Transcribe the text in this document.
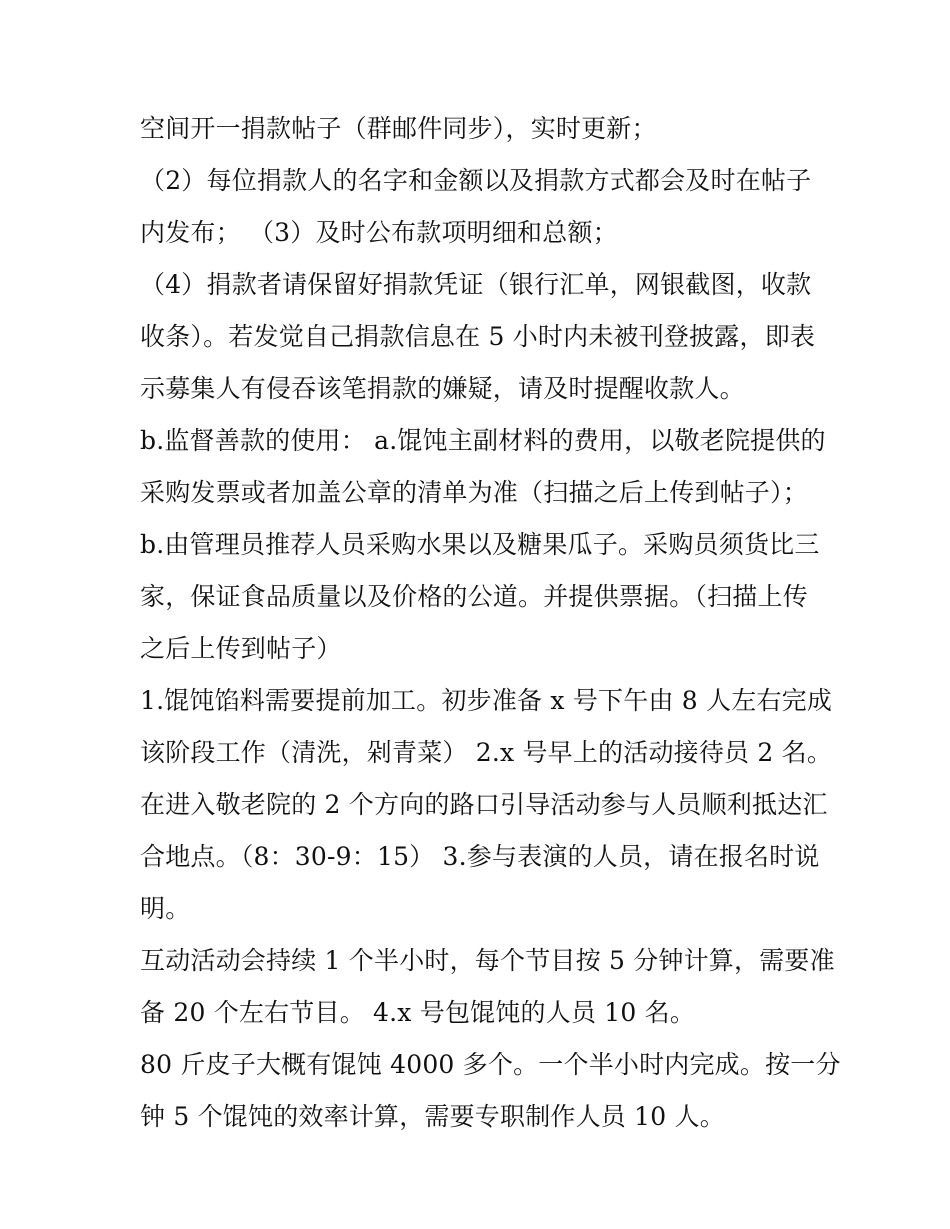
空间开一捐款帖子（群邮件同步），实时更新；
（2）每位捐款人的名字和金额以及捐款方式都会及时在帖子
内发布； （3）及时公布款项明细和总额；
（4）捐款者请保留好捐款凭证（银行汇单，网银截图，收款
收条）。若发觉自己捐款信息在 5 小时内未被刊登披露，即表
示募集人有侵吞该笔捐款的嫌疑，请及时提醒收款人。
b.监督善款的使用： a.馄饨主副材料的费用，以敬老院提供的
采购发票或者加盖公章的清单为准（扫描之后上传到帖子）；
b.由管理员推荐人员采购水果以及糖果瓜子。采购员须货比三
家，保证食品质量以及价格的公道。并提供票据。（扫描上传
之后上传到帖子）
1.馄饨馅料需要提前加工。初步准备 x 号下午由 8 人左右完成
该阶段工作（清洗，剁青菜） 2.x 号早上的活动接待员 2 名。
在进入敬老院的 2 个方向的路口引导活动参与人员顺利抵达汇
合地点。（8：30-9：15） 3.参与表演的人员，请在报名时说
明。
互动活动会持续 1 个半小时，每个节目按 5 分钟计算，需要准
备 20 个左右节目。 4.x 号包馄饨的人员 10 名。
80 斤皮子大概有馄饨 4000 多个。一个半小时内完成。按一分
钟 5 个馄饨的效率计算，需要专职制作人员 10 人。
